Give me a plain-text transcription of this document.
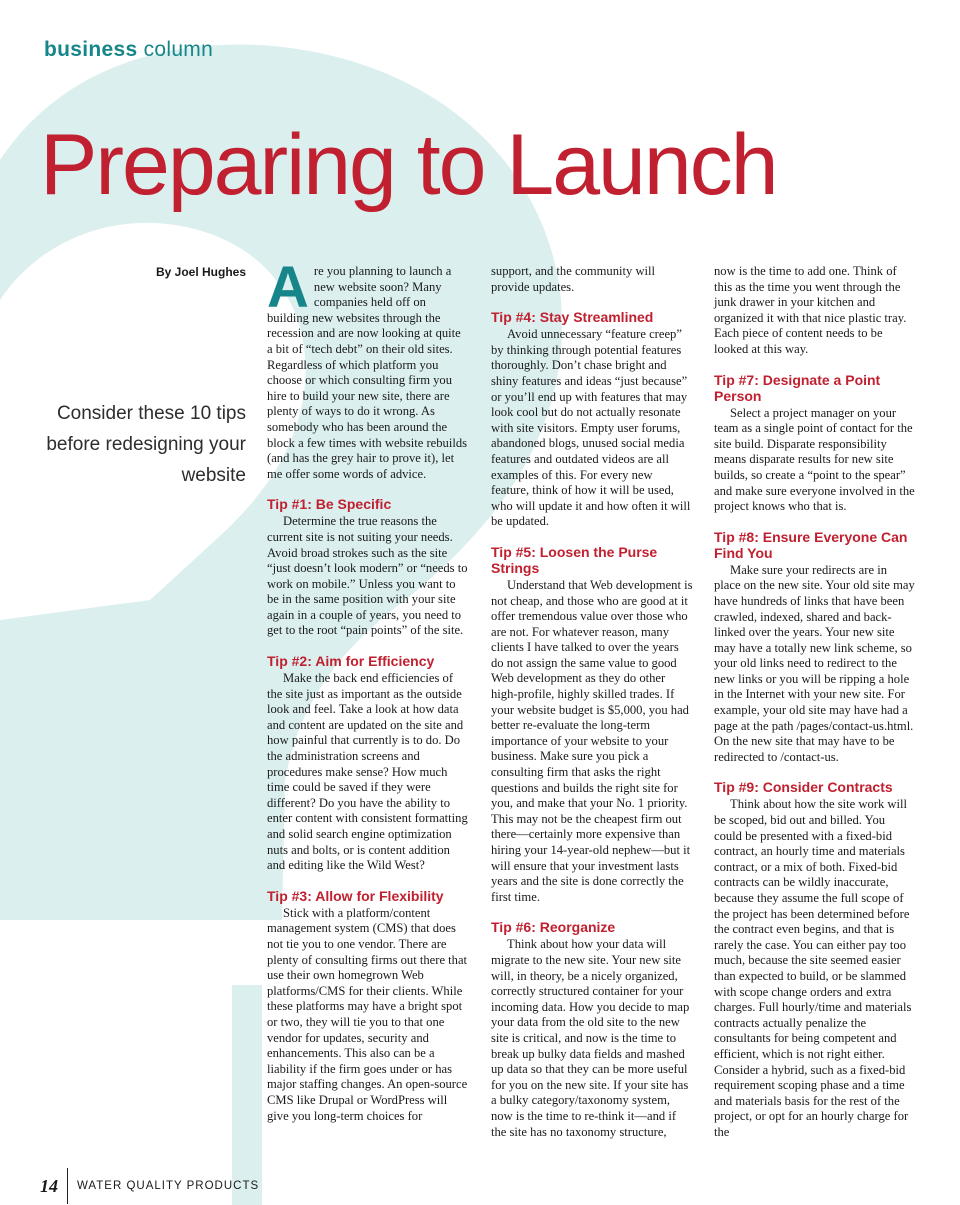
business column
Preparing to Launch
By Joel Hughes
Consider these 10 tips before redesigning your website
A re you planning to launch a new website soon? Many companies held off on building new websites through the recession and are now looking at quite a bit of “tech debt” on their old sites. Regardless of which platform you choose or which consulting firm you hire to build your new site, there are plenty of ways to do it wrong. As somebody who has been around the block a few times with website rebuilds (and has the grey hair to prove it), let me offer some words of advice.

Tip #1: Be Specific

Determine the true reasons the current site is not suiting your needs. Avoid broad strokes such as the site “just doesn’t look modern” or “needs to work on mobile.” Unless you want to be in the same position with your site again in a couple of years, you need to get to the root “pain points” of the site.

Tip #2: Aim for Efficiency

Make the back end efficiencies of the site just as important as the outside look and feel. Take a look at how data and content are updated on the site and how painful that currently is to do. Do the administration screens and procedures make sense? How much time could be saved if they were different? Do you have the ability to enter content with consistent formatting and solid search engine optimization nuts and bolts, or is content addition and editing like the Wild West?

Tip #3: Allow for Flexibility

Stick with a platform/content management system (CMS) that does not tie you to one vendor. There are plenty of consulting firms out there that use their own homegrown Web platforms/CMS for their clients. While these platforms may have a bright spot or two, they will tie you to that one vendor for updates, security and enhancements. This also can be a liability if the firm goes under or has major staffing changes. An open-source CMS like Drupal or WordPress will give you long-term choices for

support, and the community will provide updates.

Tip #4: Stay Streamlined

Avoid unnecessary “feature creep” by thinking through potential features thoroughly. Don’t chase bright and shiny features and ideas “just because” or you’ll end up with features that may look cool but do not actually resonate with site visitors. Empty user forums, abandoned blogs, unused social media features and outdated videos are all examples of this. For every new feature, think of how it will be used, who will update it and how often it will be updated.

Tip #5: Loosen the Purse Strings

Understand that Web development is not cheap, and those who are good at it offer tremendous value over those who are not. For whatever reason, many clients I have talked to over the years do not assign the same value to good Web development as they do other high-profile, highly skilled trades. If your website budget is $5,000, you had better re-evaluate the long-term importance of your website to your business. Make sure you pick a consulting firm that asks the right questions and builds the right site for you, and make that your No. 1 priority. This may not be the cheapest firm out there—certainly more expensive than hiring your 14-year-old nephew—but it will ensure that your investment lasts years and the site is done correctly the first time.

Tip #6: Reorganize

Think about how your data will migrate to the new site. Your new site will, in theory, be a nicely organized, correctly structured container for your incoming data. How you decide to map your data from the old site to the new site is critical, and now is the time to break up bulky data fields and mashed up data so that they can be more useful for you on the new site. If your site has a bulky category/taxonomy system, now is the time to re-think it—and if the site has no taxonomy structure,

now is the time to add one. Think of this as the time you went through the junk drawer in your kitchen and organized it with that nice plastic tray. Each piece of content needs to be looked at this way.

Tip #7: Designate a Point Person

Select a project manager on your team as a single point of contact for the site build. Disparate responsibility means disparate results for new site builds, so create a “point to the spear” and make sure everyone involved in the project knows who that is.

Tip #8: Ensure Everyone Can Find You

Make sure your redirects are in place on the new site. Your old site may have hundreds of links that have been crawled, indexed, shared and back-linked over the years. Your new site may have a totally new link scheme, so your old links need to redirect to the new links or you will be ripping a hole in the Internet with your new site. For example, your old site may have had a page at the path /pages/contact-us.html. On the new site that may have to be redirected to /contact-us.

Tip #9: Consider Contracts

Think about how the site work will be scoped, bid out and billed. You could be presented with a fixed-bid contract, an hourly time and materials contract, or a mix of both. Fixed-bid contracts can be wildly inaccurate, because they assume the full scope of the project has been determined before the contract even begins, and that is rarely the case. You can either pay too much, because the site seemed easier than expected to build, or be slammed with scope change orders and extra charges. Full hourly/time and materials contracts actually penalize the consultants for being competent and efficient, which is not right either. Consider a hybrid, such as a fixed-bid requirement scoping phase and a time and materials basis for the rest of the project, or opt for an hourly charge for the

14 WATER QUALITY PRODUCTS
